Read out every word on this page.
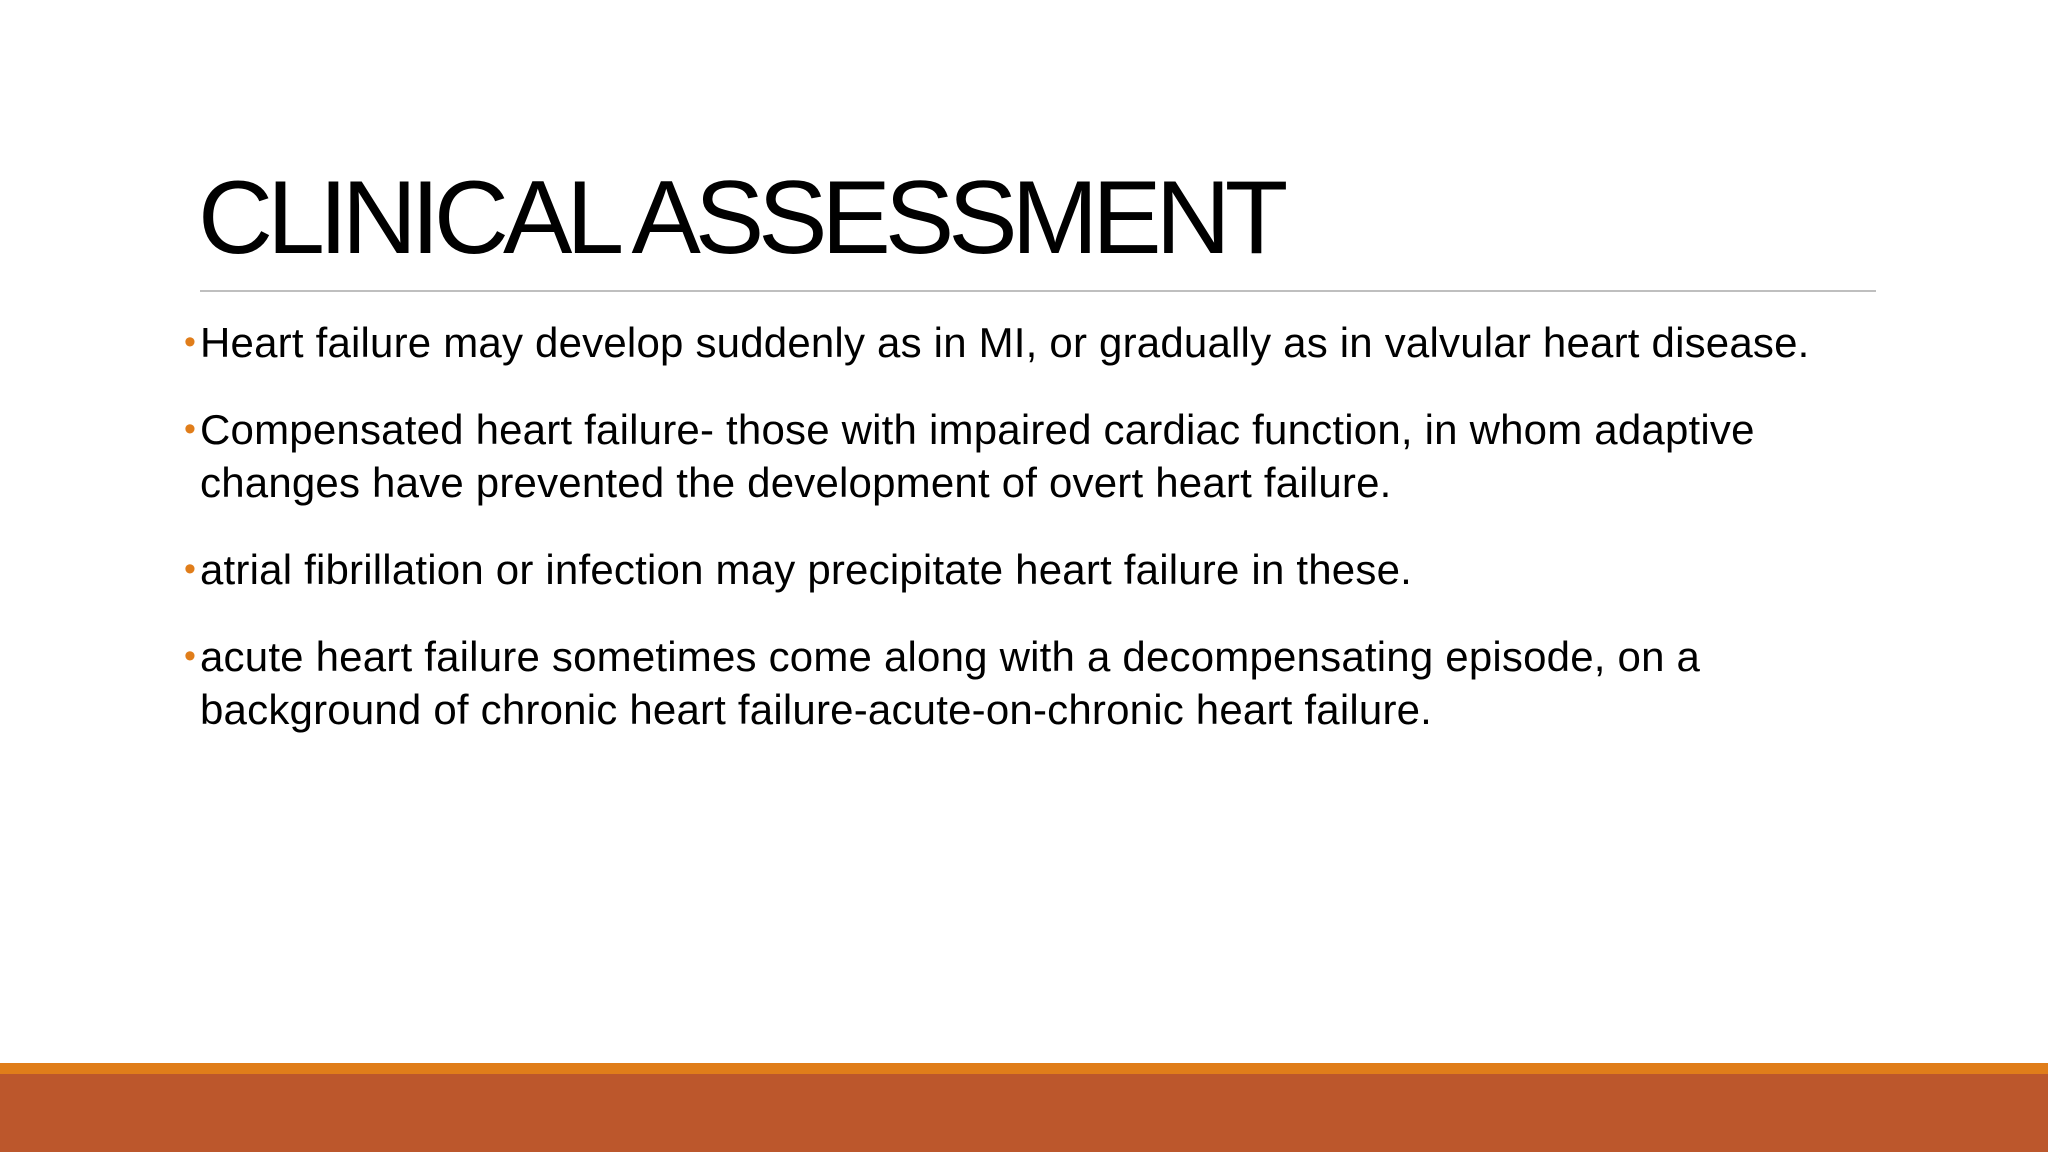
CLINICAL ASSESSMENT
• Heart failure may develop suddenly as in MI, or gradually as in valvular heart disease.
• Compensated heart failure- those with impaired cardiac function, in whom adaptive changes have prevented the development of overt heart failure.
• atrial fibrillation or infection may precipitate heart failure in these.
• acute heart failure sometimes come along with a decompensating episode, on a background of chronic heart failure-acute-on-chronic heart failure.
